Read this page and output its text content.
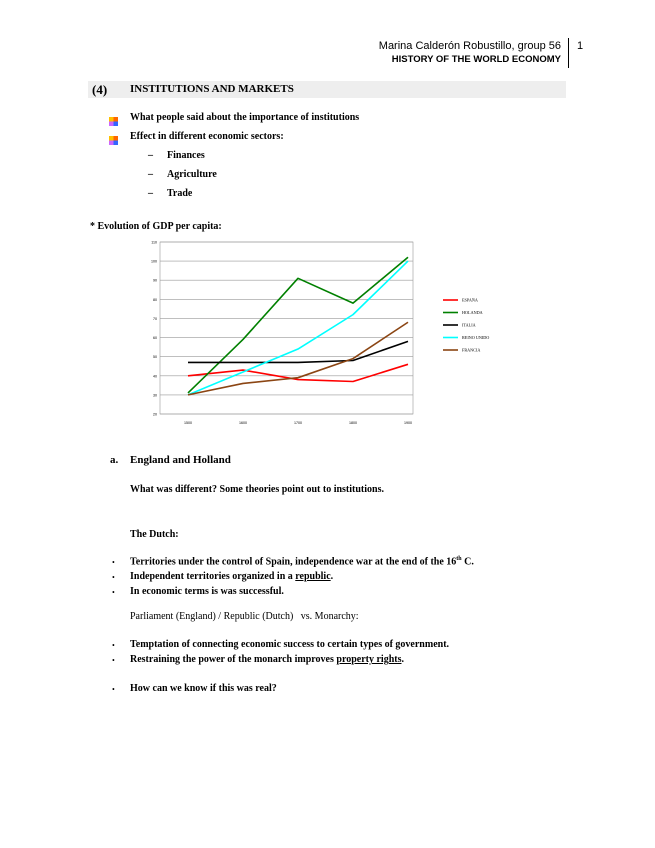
Marina Calderón Robustillo, group 56
HISTORY OF THE WORLD ECONOMY
1
(4) INSTITUTIONS AND MARKETS
What people said about the importance of institutions
Effect in different economic sectors:
– Finances
– Agriculture
– Trade
* Evolution of GDP per capita:
20
30
40
50
60
70
80
90
100
110
1500	1600	1700	1800	1900
ESPAÑA
HOLANDA
ITALIA
REINO UNIDO
FRANCIA
a. England and Holland
What was different? Some theories point out to institutions.
The Dutch:
• Territories under the control of Spain, independence war at the end of the 16th C.
• Independent territories organized in a republic.
• In economic terms is was successful.
Parliament (England) / Republic (Dutch)   vs. Monarchy:
• Temptation of connecting economic success to certain types of government.
• Restraining the power of the monarch improves property rights.
• How can we know if this was real?
